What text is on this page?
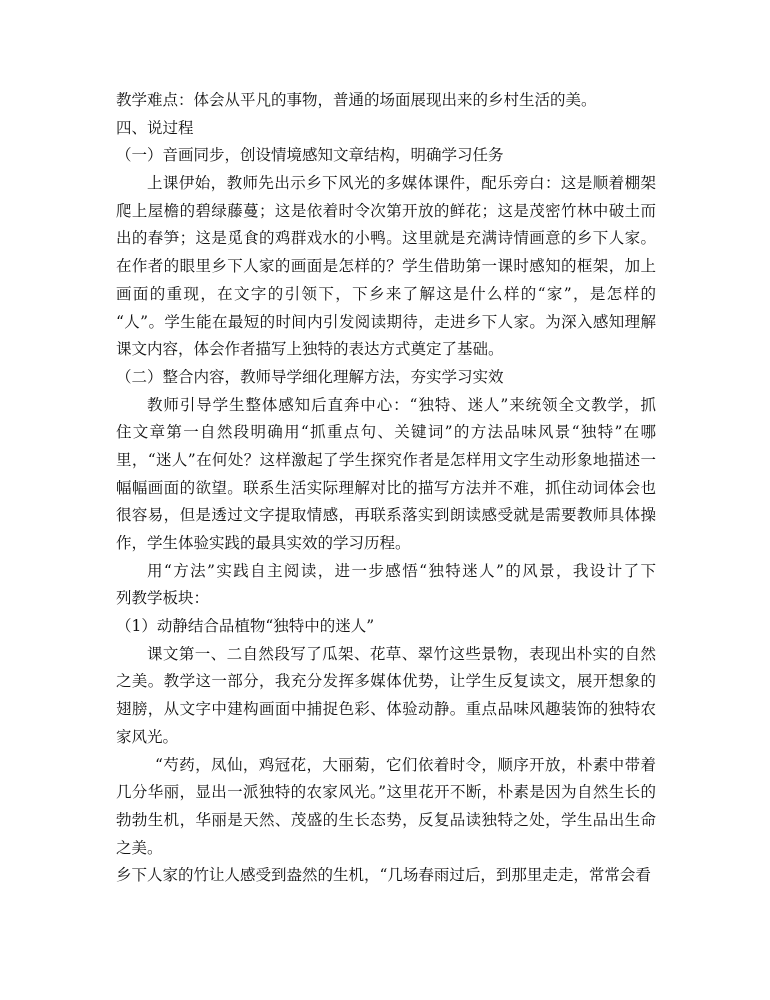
教学难点：体会从平凡的事物，普通的场面展现出来的乡村生活的美。
四、说过程
（一）音画同步，创设情境感知文章结构，明确学习任务
上课伊始，教师先出示乡下风光的多媒体课件，配乐旁白：这是顺着棚架
爬上屋檐的碧绿藤蔓；这是依着时令次第开放的鲜花；这是茂密竹林中破土而
出的春笋；这是觅食的鸡群戏水的小鸭。这里就是充满诗情画意的乡下人家。
在作者的眼里乡下人家的画面是怎样的？学生借助第一课时感知的框架，加上
画面的重现，在文字的引领下，下乡来了解这是什么样的“家”，是怎样的
“人”。学生能在最短的时间内引发阅读期待，走进乡下人家。为深入感知理解
课文内容，体会作者描写上独特的表达方式奠定了基础。
（二）整合内容，教师导学细化理解方法，夯实学习实效
教师引导学生整体感知后直奔中心：“独特、迷人”来统领全文教学，抓
住文章第一自然段明确用“抓重点句、关键词”的方法品味风景“独特”在哪
里，“迷人”在何处？这样激起了学生探究作者是怎样用文字生动形象地描述一
幅幅画面的欲望。联系生活实际理解对比的描写方法并不难，抓住动词体会也
很容易，但是透过文字提取情感，再联系落实到朗读感受就是需要教师具体操
作，学生体验实践的最具实效的学习历程。
用“方法”实践自主阅读，进一步感悟“独特迷人”的风景，我设计了下
列教学板块：
（1）动静结合品植物“独特中的迷人”
课文第一、二自然段写了瓜架、花草、翠竹这些景物，表现出朴实的自然
之美。教学这一部分，我充分发挥多媒体优势，让学生反复读文，展开想象的
翅膀，从文字中建构画面中捕捉色彩、体验动静。重点品味风趣装饰的独特农
家风光。
“芍药，凤仙，鸡冠花，大丽菊，它们依着时令，顺序开放，朴素中带着
几分华丽，显出一派独特的农家风光。”这里花开不断，朴素是因为自然生长的
勃勃生机，华丽是天然、茂盛的生长态势，反复品读独特之处，学生品出生命
之美。
乡下人家的竹让人感受到盎然的生机，“几场春雨过后，到那里走走，常常会看
